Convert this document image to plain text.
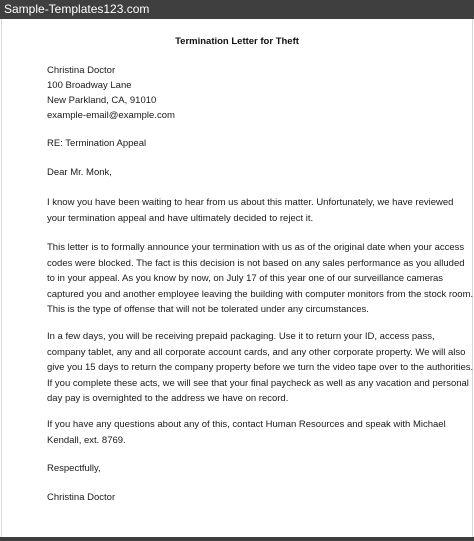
Sample-Templates123.com
Termination Letter for Theft
Christina Doctor
100 Broadway Lane
New Parkland, CA, 91010
example-email@example.com
RE: Termination Appeal
Dear Mr. Monk,
I know you have been waiting to hear from us about this matter. Unfortunately, we have reviewed
your termination appeal and have ultimately decided to reject it.
This letter is to formally announce your termination with us as of the original date when your access
codes were blocked. The fact is this decision is not based on any sales performance as you alluded
to in your appeal. As you know by now, on July 17 of this year one of our surveillance cameras
captured you and another employee leaving the building with computer monitors from the stock room.
This is the type of offense that will not be tolerated under any circumstances.
In a few days, you will be receiving prepaid packaging. Use it to return your ID, access pass,
company tablet, any and all corporate account cards, and any other corporate property. We will also
give you 15 days to return the company property before we turn the video tape over to the authorities.
If you complete these acts, we will see that your final paycheck as well as any vacation and personal
day pay is overnighted to the address we have on record.
If you have any questions about any of this, contact Human Resources and speak with Michael
Kendall, ext. 8769.
Respectfully,
Christina Doctor
